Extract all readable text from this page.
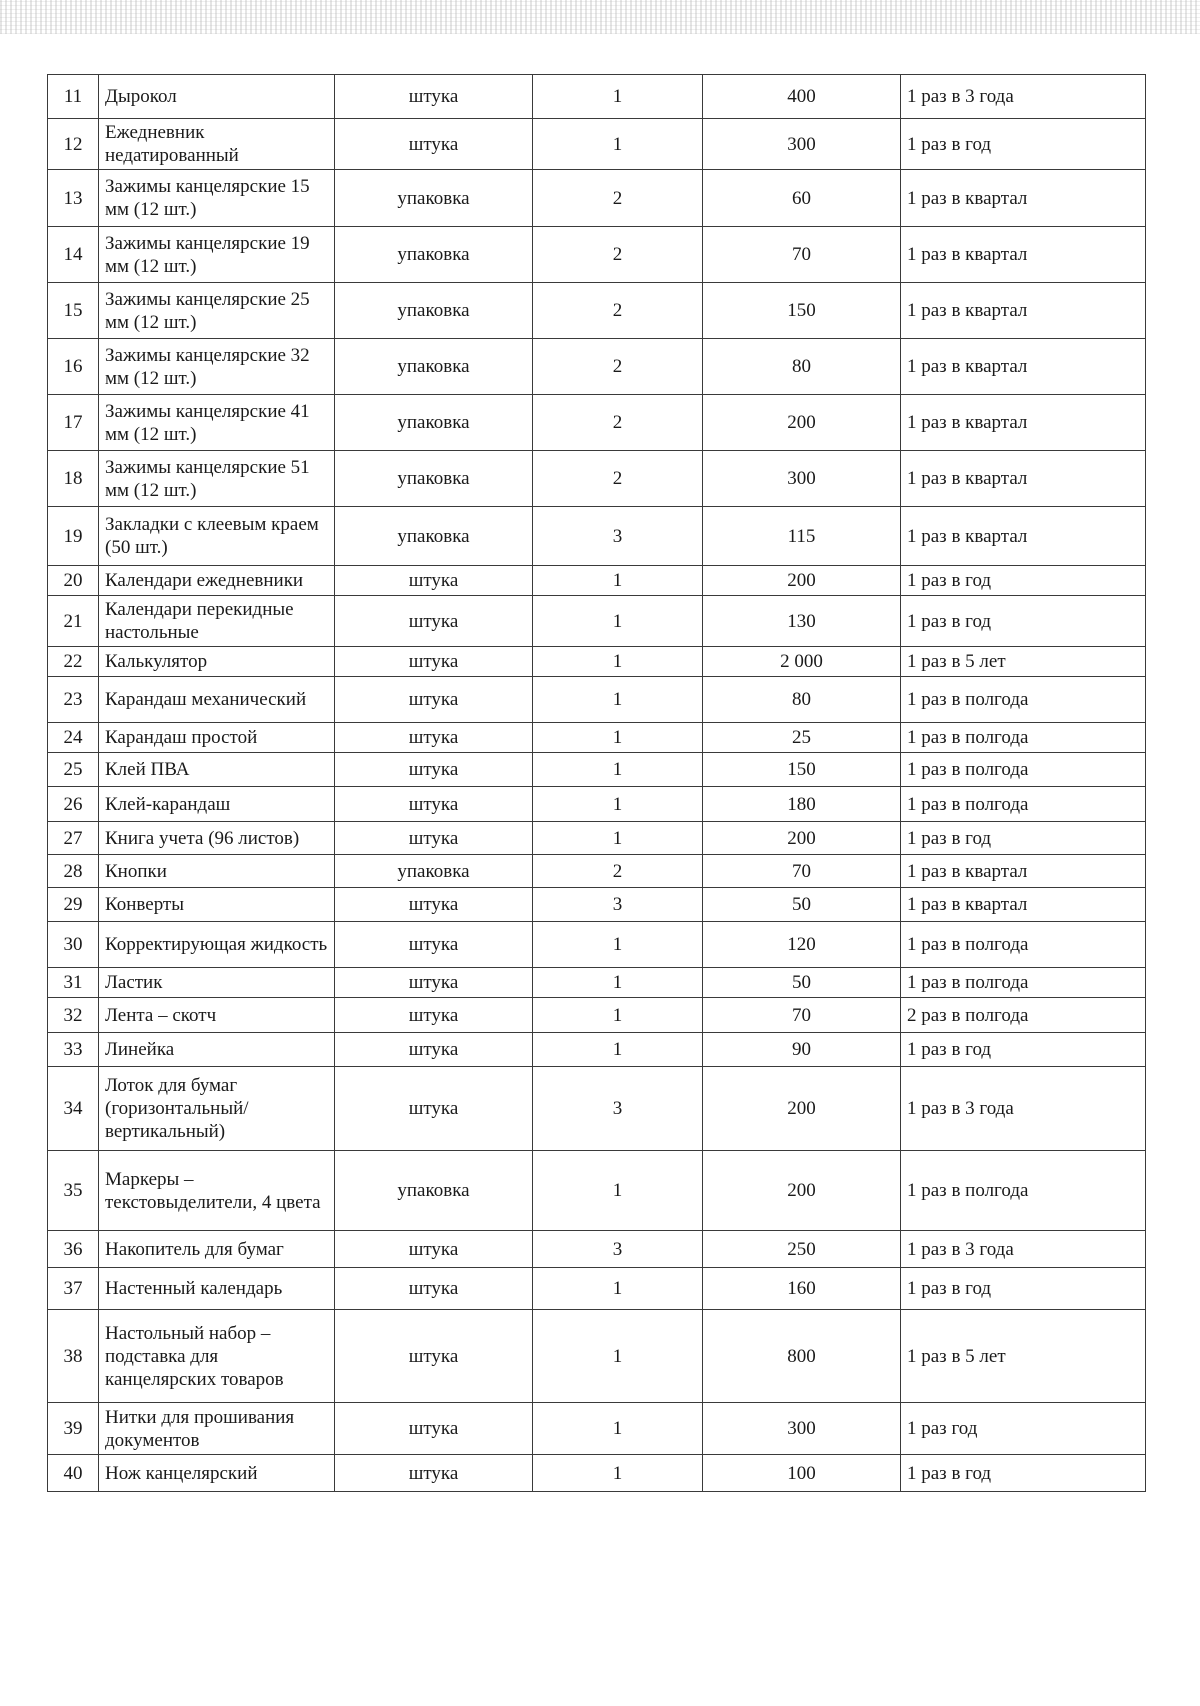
11	Дырокол	штука	1	400	1 раз в 3 года
12	Ежедневник недатированный	штука	1	300	1 раз в год
13	Зажимы канцелярские 15 мм (12 шт.)	упаковка	2	60	1 раз в квартал
14	Зажимы канцелярские 19 мм (12 шт.)	упаковка	2	70	1 раз в квартал
15	Зажимы канцелярские 25 мм (12 шт.)	упаковка	2	150	1 раз в квартал
16	Зажимы канцелярские 32 мм (12 шт.)	упаковка	2	80	1 раз в квартал
17	Зажимы канцелярские 41 мм (12 шт.)	упаковка	2	200	1 раз в квартал
18	Зажимы канцелярские 51 мм (12 шт.)	упаковка	2	300	1 раз в квартал
19	Закладки с клеевым краем (50 шт.)	упаковка	3	115	1 раз в квартал
20	Календари ежедневники	штука	1	200	1 раз в год
21	Календари перекидные настольные	штука	1	130	1 раз в год
22	Калькулятор	штука	1	2 000	1 раз в 5 лет
23	Карандаш механический	штука	1	80	1 раз в полгода
24	Карандаш простой	штука	1	25	1 раз в полгода
25	Клей ПВА	штука	1	150	1 раз в полгода
26	Клей-карандаш	штука	1	180	1 раз в полгода
27	Книга учета (96 листов)	штука	1	200	1 раз в год
28	Кнопки	упаковка	2	70	1 раз в квартал
29	Конверты	штука	3	50	1 раз в квартал
30	Корректирующая жидкость	штука	1	120	1 раз в полгода
31	Ластик	штука	1	50	1 раз в полгода
32	Лента – скотч	штука	1	70	2 раз в полгода
33	Линейка	штука	1	90	1 раз в год
34	Лоток для бумаг (горизонтальный/вертикальный)	штука	3	200	1 раз в 3 года
35	Маркеры – текстовыделители, 4 цвета	упаковка	1	200	1 раз в полгода
36	Накопитель для бумаг	штука	3	250	1 раз в 3 года
37	Настенный календарь	штука	1	160	1 раз в год
38	Настольный набор – подставка для канцелярских товаров	штука	1	800	1 раз в 5 лет
39	Нитки для прошивания документов	штука	1	300	1 раз год
40	Нож канцелярский	штука	1	100	1 раз в год
